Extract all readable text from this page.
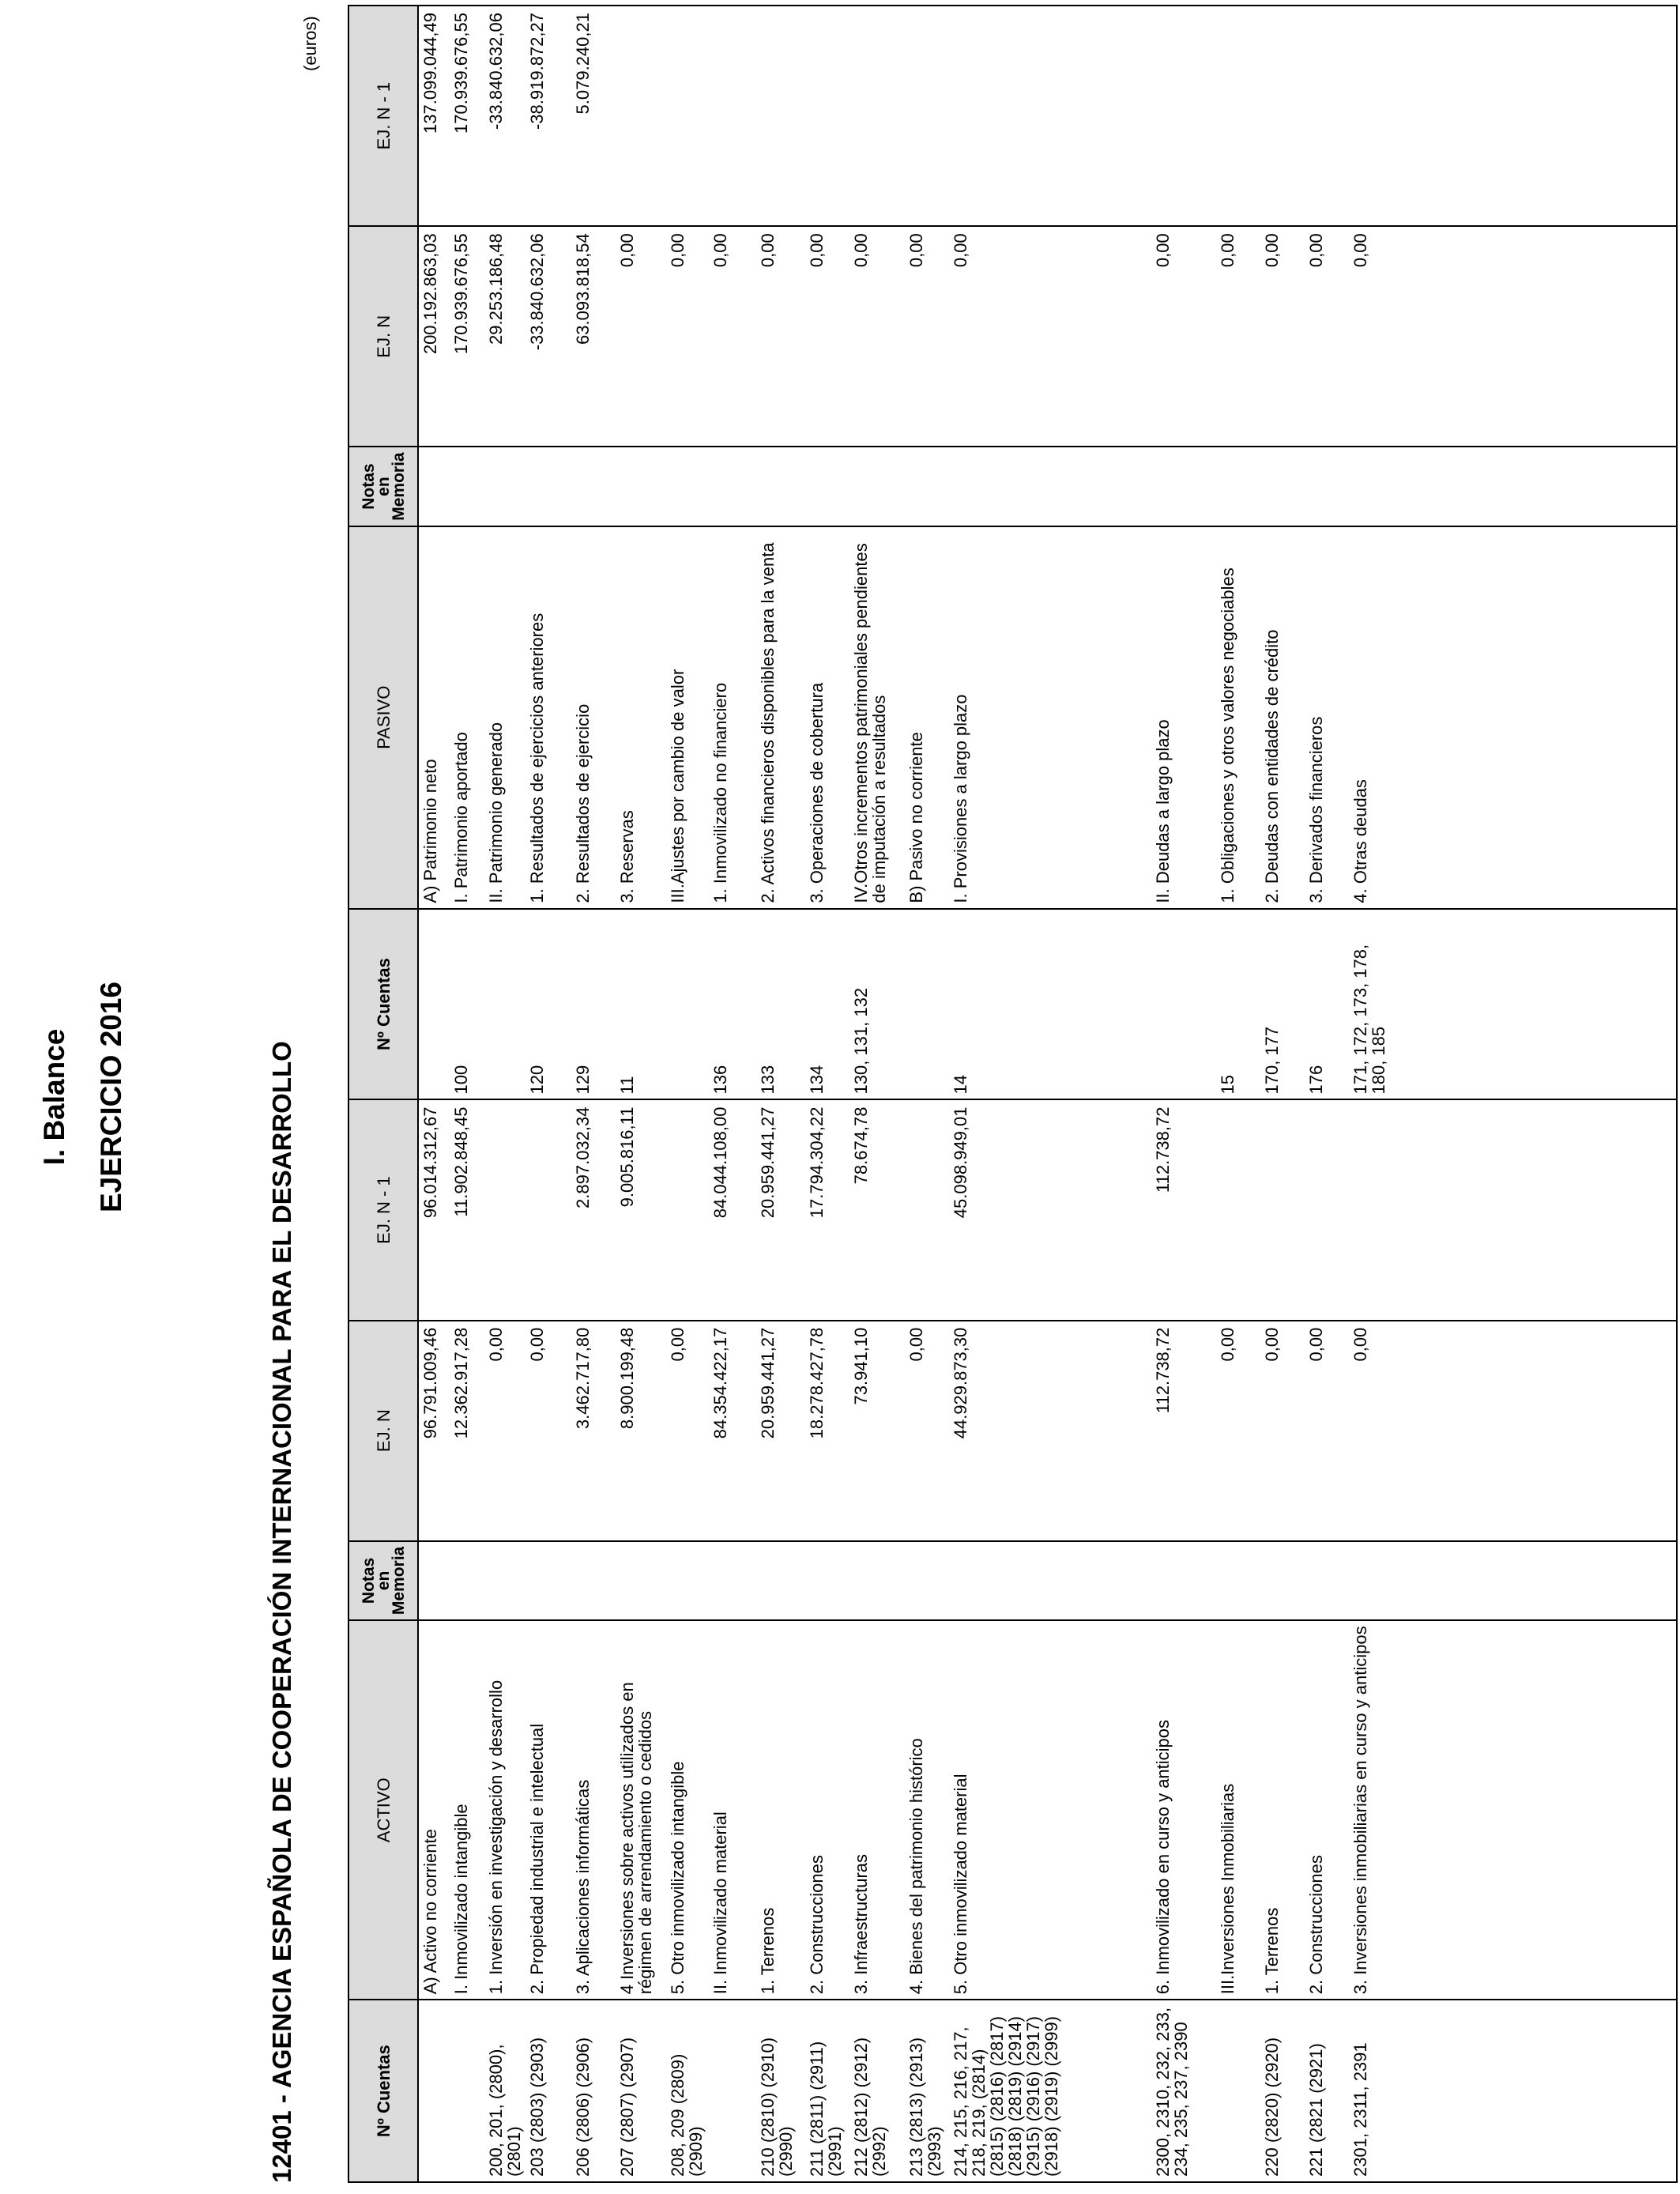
I. Balance EJERCICIO 2016	12401 - AGENCIA ESPAÑOLA DE COOPERACIÓN INTERNACIONAL PARA EL DESARROLLO
(euros)
Nº Cuentas	ACTIVO	Notas en Memoria	EJ. N	EJ. N - 1	Nº Cuentas	PASIVO	Notas en Memoria	EJ. N	EJ. N - 1
	A) Activo no corriente		96.791.009,46	96.014.312,67		A) Patrimonio neto		200.192.863,03	137.099.044,49
	I. Inmovilizado intangible		12.362.917,28	11.902.848,45	100	I. Patrimonio aportado		170.939.676,55	170.939.676,55
200, 201, (2800), (2801)	1. Inversión en investigación y desarrollo		0,00			II. Patrimonio generado		29.253.186,48	-33.840.632,06
203 (2803) (2903)	2. Propiedad industrial e intelectual		0,00		120	1. Resultados de ejercicios anteriores		-33.840.632,06	-38.919.872,27
206 (2806) (2906)	3. Aplicaciones informáticas		3.462.717,80	2.897.032,34	129	2. Resultados de ejercicio		63.093.818,54	5.079.240,21
207 (2807) (2907)	4 Inversiones sobre activos utilizados en régimen de arrendamiento o cedidos		8.900.199,48	9.005.816,11	11	3. Reservas		0,00	
208, 209 (2809) (2909)	5. Otro inmovilizado intangible		0,00			III.Ajustes por cambio de valor		0,00	
	II. Inmovilizado material		84.354.422,17	84.044.108,00	136	1. Inmovilizado no financiero		0,00	
210 (2810) (2910) (2990)	1. Terrenos		20.959.441,27	20.959.441,27	133	2. Activos financieros disponibles para la venta		0,00	
211 (2811) (2911) (2991)	2. Construcciones		18.278.427,78	17.794.304,22	134	3. Operaciones de cobertura		0,00	
212 (2812) (2912) (2992)	3. Infraestructuras		73.941,10	78.674,78	130, 131, 132	IV.Otros incrementos patrimoniales pendientes de imputación a resultados		0,00	
213 (2813) (2913) (2993)	4. Bienes del patrimonio histórico		0,00			B) Pasivo no corriente		0,00	
214, 215, 216, 217, 218, 219, (2814) (2815) (2816) (2817) (2818) (2819) (2914) (2915) (2916) (2917) (2918) (2919) (2999)	5. Otro inmovilizado material		44.929.873,30	45.098.949,01	14	I. Provisiones a largo plazo		0,00	
2300, 2310, 232, 233, 234, 235, 237, 2390	6. Inmovilizado en curso y anticipos		112.738,72	112.738,72		II. Deudas a largo plazo		0,00	
	III.Inversiones Inmobiliarias		0,00		15	1. Obligaciones y otros valores negociables		0,00	
220 (2820) (2920)	1. Terrenos		0,00		170, 177	2. Deudas con entidades de crédito		0,00	
221 (2821 (2921)	2. Construcciones		0,00		176	3. Derivados financieros		0,00	
2301, 2311, 2391	3. Inversiones inmobiliarias en curso y anticipos		0,00		171, 172, 173, 178, 180, 185	4. Otras deudas		0,00	
